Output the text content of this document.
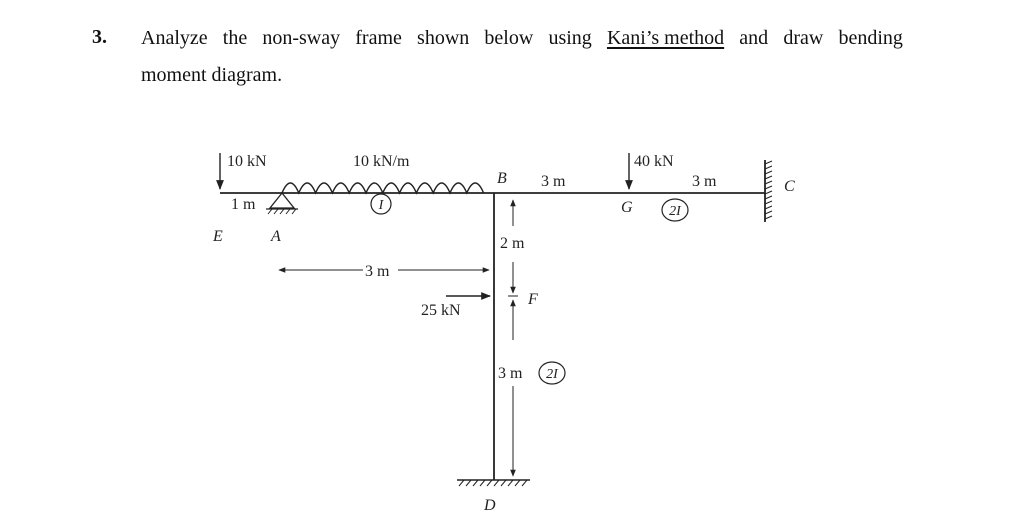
3. Analyze the non-sway frame shown below using Kani’s method and draw bending
moment diagram.
10 kN	10 kN/m	40 kN
25 kN
1 m
3 m
3 m	3 m
2 m
3 m
E	A
B
G
C
F
D
I	2I
2I
